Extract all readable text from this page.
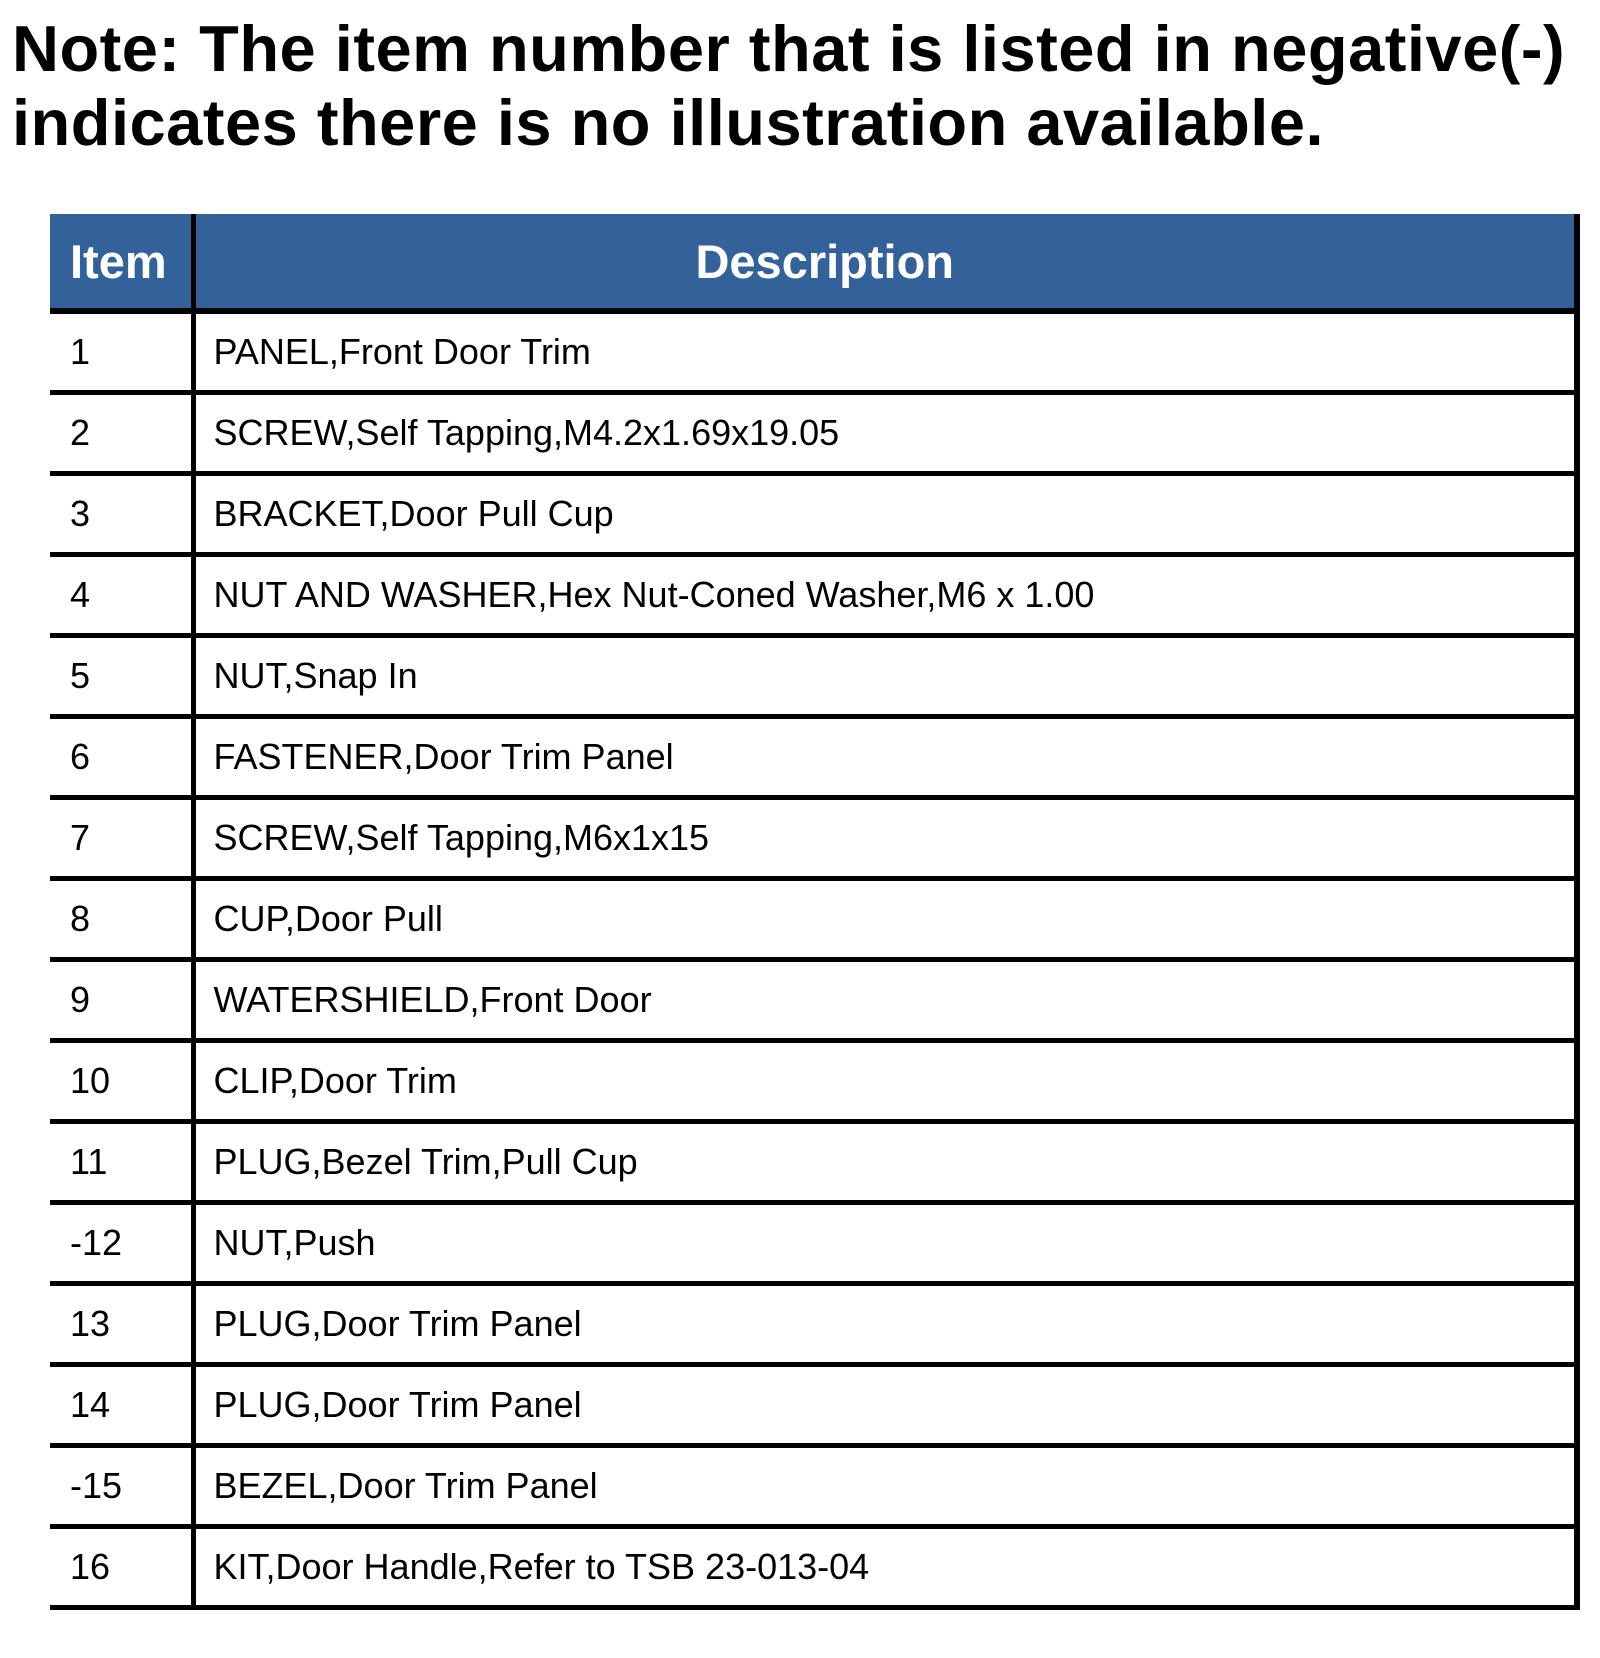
Note: The item number that is listed in negative(-)
indicates there is no illustration available.

Item	Description
1	PANEL,Front Door Trim
2	SCREW,Self Tapping,M4.2x1.69x19.05
3	BRACKET,Door Pull Cup
4	NUT AND WASHER,Hex Nut-Coned Washer,M6 x 1.00
5	NUT,Snap In
6	FASTENER,Door Trim Panel
7	SCREW,Self Tapping,M6x1x15
8	CUP,Door Pull
9	WATERSHIELD,Front Door
10	CLIP,Door Trim
11	PLUG,Bezel Trim,Pull Cup
-12	NUT,Push
13	PLUG,Door Trim Panel
14	PLUG,Door Trim Panel
-15	BEZEL,Door Trim Panel
16	KIT,Door Handle,Refer to TSB 23-013-04
